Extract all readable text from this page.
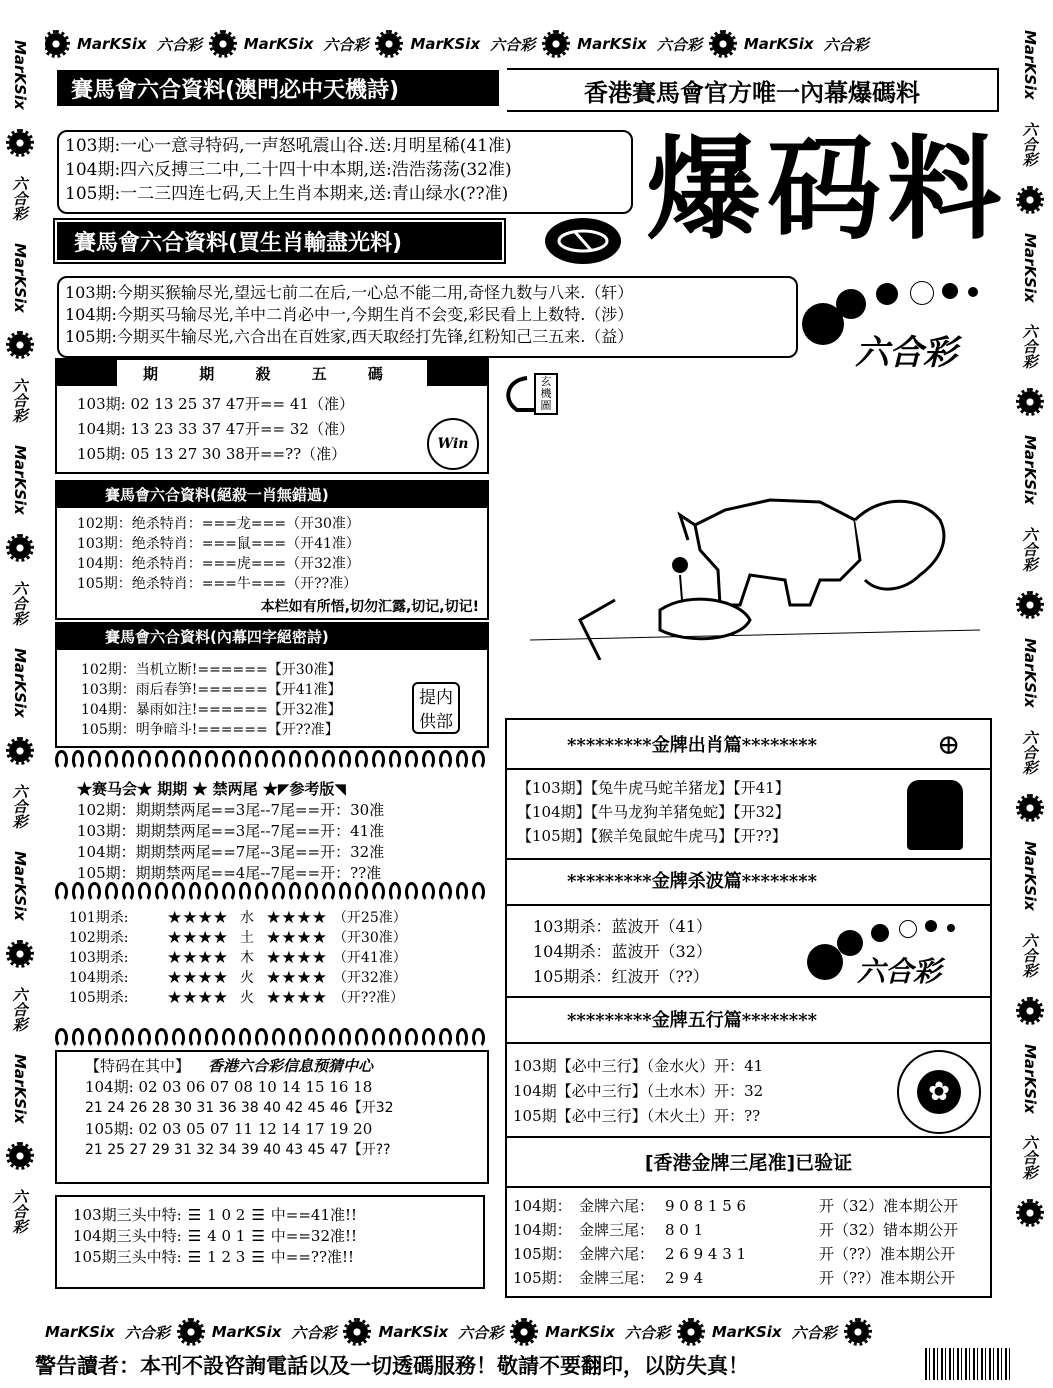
MarKSix 六合彩	MarKSix 六合彩	MarKSix 六合彩	MarKSix 六合彩	MarKSix 六合彩
MarKSix 六合彩	MarKSix 六合彩	MarKSix 六合彩	MarKSix 六合彩	MarKSix 六合彩
MarKSix
六合彩
MarKSix
六合彩
MarKSix
六合彩
MarKSix
六合彩
MarKSix
六合彩
MarKSix
六合彩
MarKSix
六合彩
MarKSix
六合彩
MarKSix
六合彩
MarKSix
六合彩
MarKSix
六合彩
MarKSix
六合彩
賽馬會六合資料(澳門必中天機詩)	香港賽馬會官方唯一內幕爆碼料
103期:一心一意寻特码,一声怒吼震山谷.送:月明星稀(41准)
104期:四六反搏三二中,二十四十中本期,送:浩浩荡荡(32准)
105期:一二三四连七码,天上生肖本期来,送:青山绿水(??准)	爆码料
賽馬會六合資料(買生肖輸盡光料)
103期:今期买猴输尽光,望远七前二在后,一心总不能二用,奇怪九数与八来.（轩）
104期:今期买马输尽光,羊中二肖必中一,今期生肖不会变,彩民看上上数特.（涉）
105期:今期买牛输尽光,六合出在百姓家,西天取经打先锋,红粉知己三五来.（益）	六合彩
期 期 殺 五 碼
103期: 02 13 25 37 47开== 41（准）
104期: 13 23 33 37 47开== 32（准）
105期: 05 13 27 30 38开==??（准）
Win
賽馬會六合資料(絕殺一肖無錯過)
102期：绝杀特肖：===龙===（开30准）
103期：绝杀特肖：===鼠===（开41准）
104期：绝杀特肖：===虎===（开32准）
105期：绝杀特肖：===牛===（开??准）
本栏如有所悟,切勿汇露,切记,切记!
賽馬會六合資料(內幕四字絕密詩)
102期：当机立断!======【开30准】
103期：雨后春笋!======【开41准】
104期：暴雨如注!======【开32准】
105期：明争暗斗!======【开??准】
提内供部
★赛马会★ 期期 ★ 禁两尾 ★◤参考版◥
102期：期期禁两尾==3尾--7尾==开：30准
103期：期期禁两尾==3尾--7尾==开：41准
104期：期期禁两尾==7尾--3尾==开：32准
105期：期期禁两尾==4尾--7尾==开：??准
101期杀:	★★★★ 水 ★★★★ （开25准）
102期杀:	★★★★ 土 ★★★★ （开30准）
103期杀:	★★★★ 木 ★★★★ （开41准）
104期杀:	★★★★ 火 ★★★★ （开32准）
105期杀:	★★★★ 火 ★★★★ （开??准）
【特码在其中】 香港六合彩信息预猜中心
104期: 02 03 06 07 08 10 14 15 16 18
21 24 26 28 30 31 36 38 40 42 45 46【开32
105期: 02 03 05 07 11 12 14 17 19 20
21 25 27 29 31 32 34 39 40 43 45 47【开??
103期三头中特: ☰ 1 0 2 ☰ 中==41准!!
104期三头中特: ☰ 4 0 1 ☰ 中==32准!!
105期三头中特: ☰ 1 2 3 ☰ 中==??准!!
玄機圖
*********金牌出肖篇********
【103期】【兔牛虎马蛇羊猪龙】【开41】
【104期】【牛马龙狗羊猪兔蛇】【开32】
【105期】【猴羊兔鼠蛇牛虎马】【开??】
⊕
*********金牌杀波篇********
103期杀：蓝波开（41）
104期杀：蓝波开（32）
105期杀：红波开（??）	六合彩
*********金牌五行篇********
103期【必中三行】（金水火）开：41
104期【必中三行】（土水木）开：32
105期【必中三行】（木火土）开：??
✿
[香港金牌三尾准]已验证
104期： 金牌六尾： 9 0 8 1 5 6	开（32）准本期公开
104期： 金牌三尾： 8 0 1	开（32）错本期公开
105期： 金牌六尾： 2 6 9 4 3 1	开（??）准本期公开
105期： 金牌三尾： 2 9 4	开（??）准本期公开
警告讀者：本刊不設咨詢電話以及一切透碼服務！敬請不要翻印，以防失真！
